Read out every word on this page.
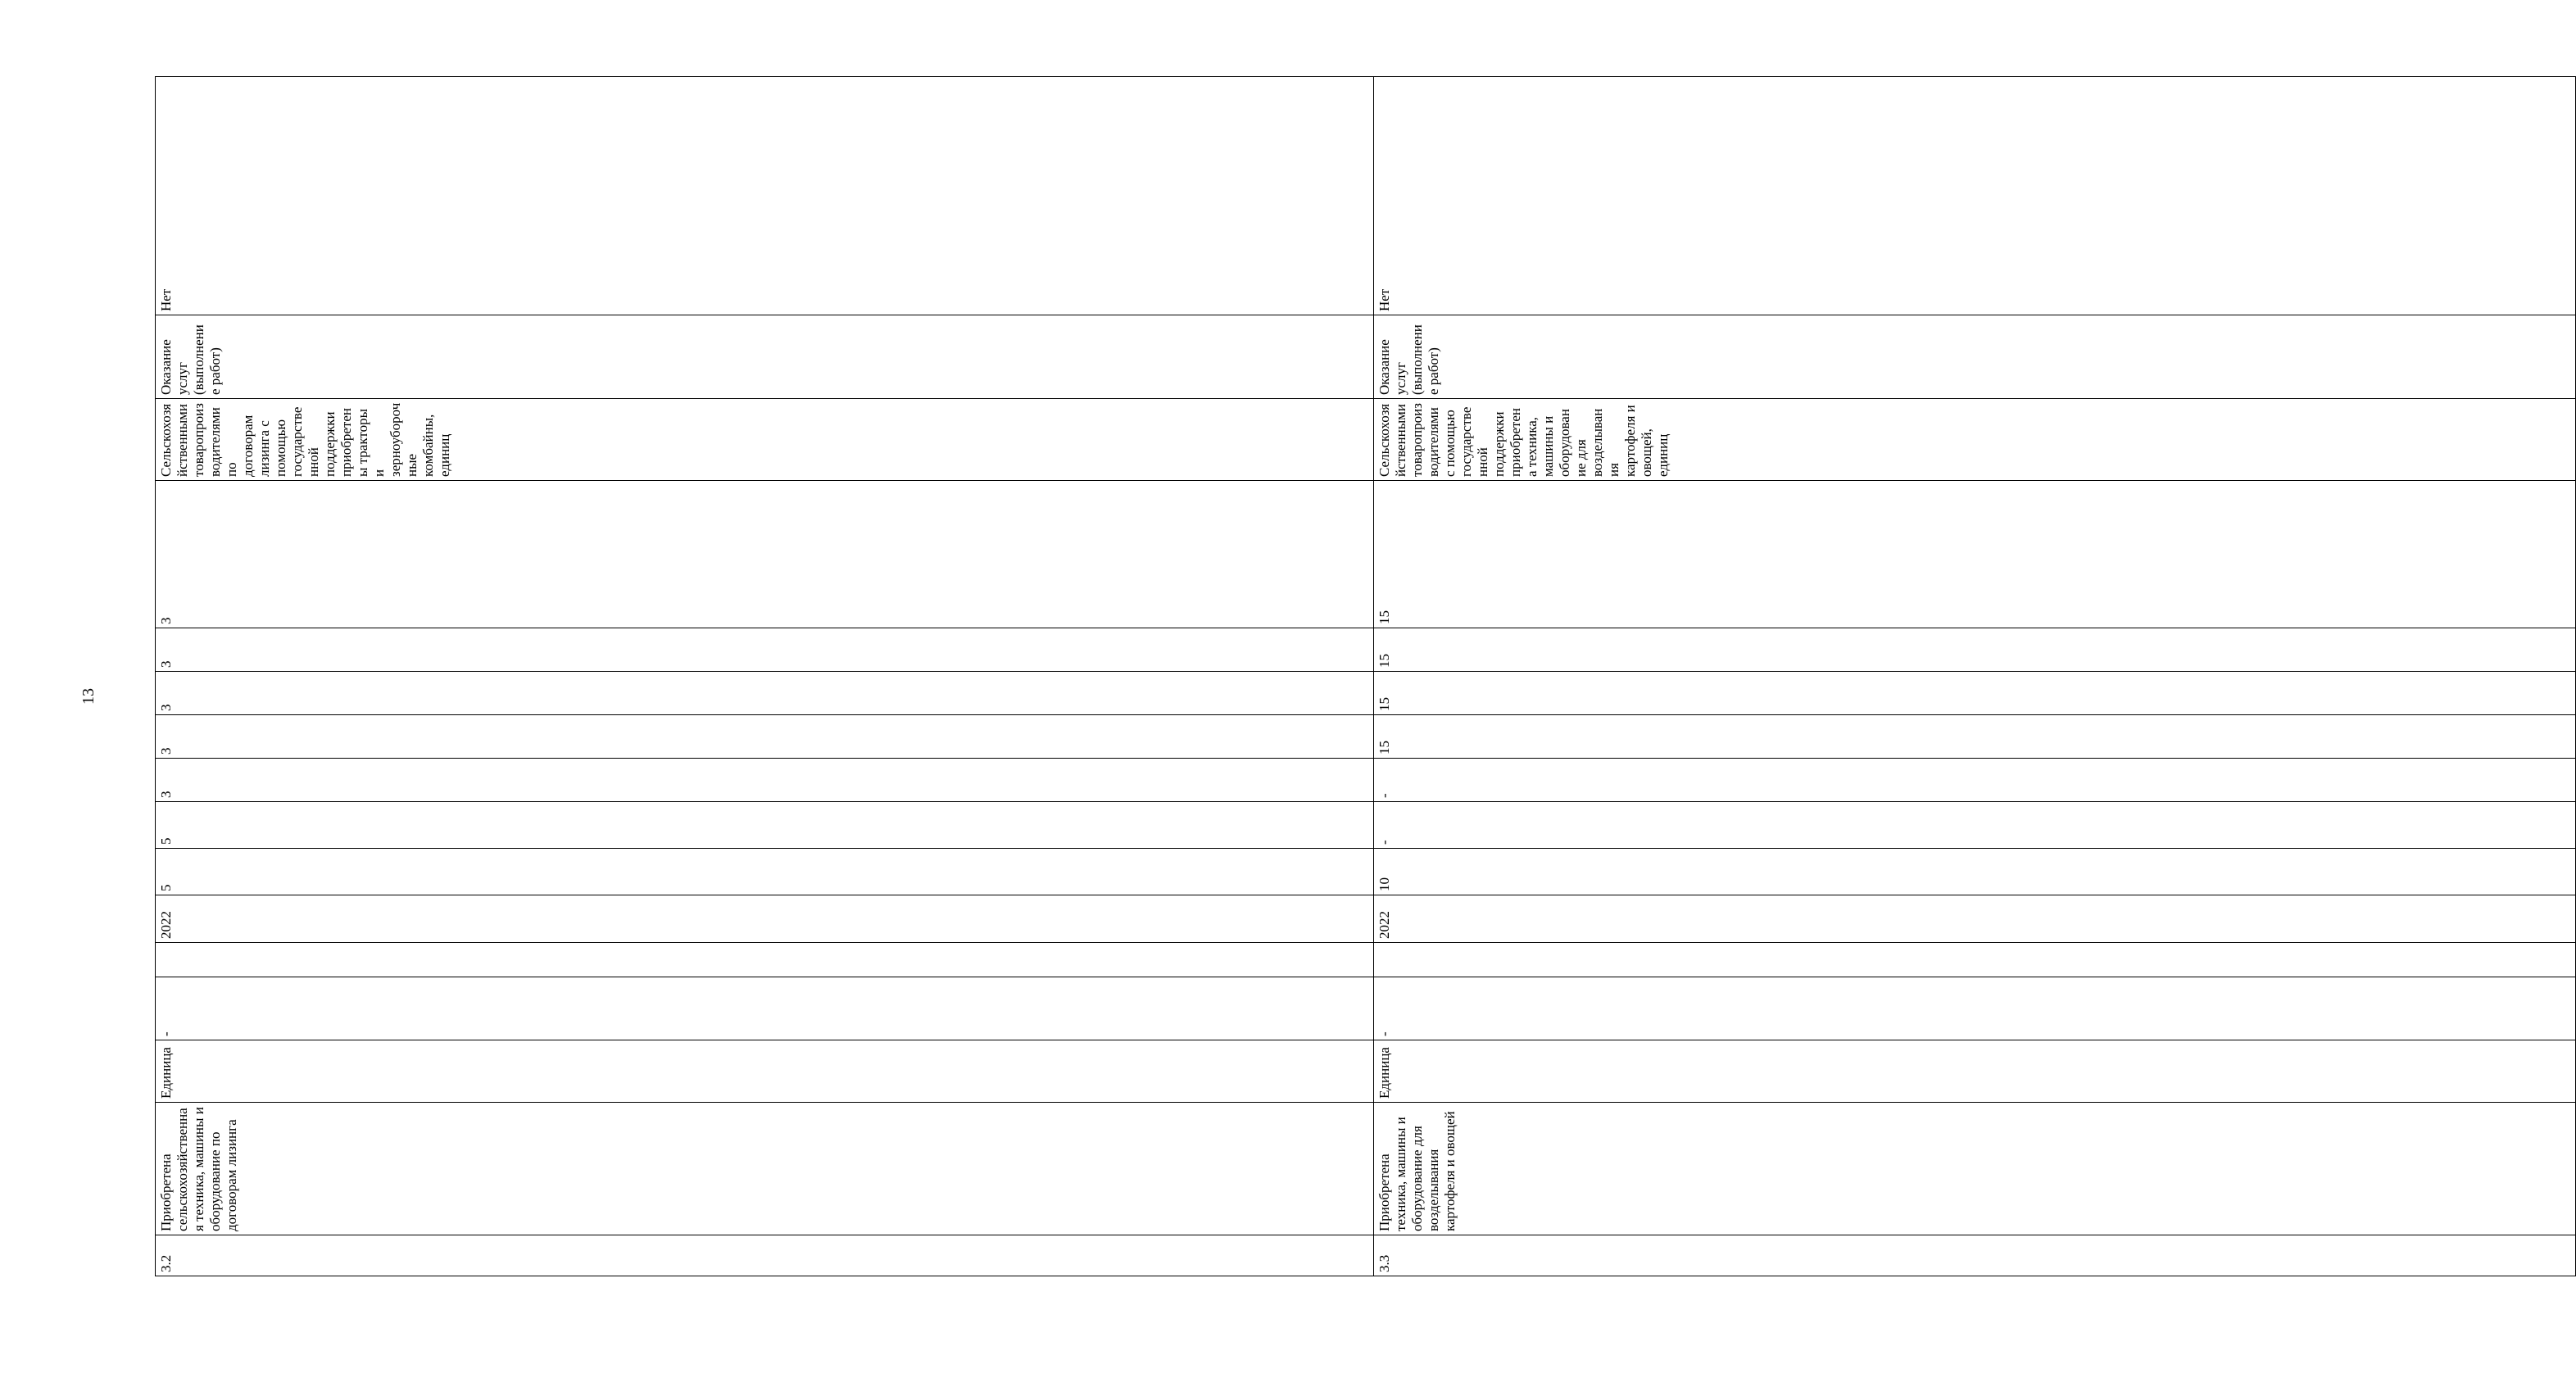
13
3.2	Приобретена сельскохозяйственная техника, машины и оборудование по договорам лизинга	Единица	-		2022	5	5	3	3	3	3	3	Сельскохозяйственными товаропроизводителями по договорам лизинга с помощью государственной поддержки приобретены тракторы и зерноуборочные комбайны, единиц	Оказание услуг (выполнение работ)	Нет		
3.3	Приобретена техника, машины и оборудование для возделывания картофеля и овощей	Единица	-		2022	10	-	-	15	15	15	15	Сельскохозяйственными товаропроизводителями с помощью государственной поддержки приобретена техника, машины и оборудование для возделывания картофеля и овощей, единиц	Оказание услуг (выполнение работ)	Нет		
